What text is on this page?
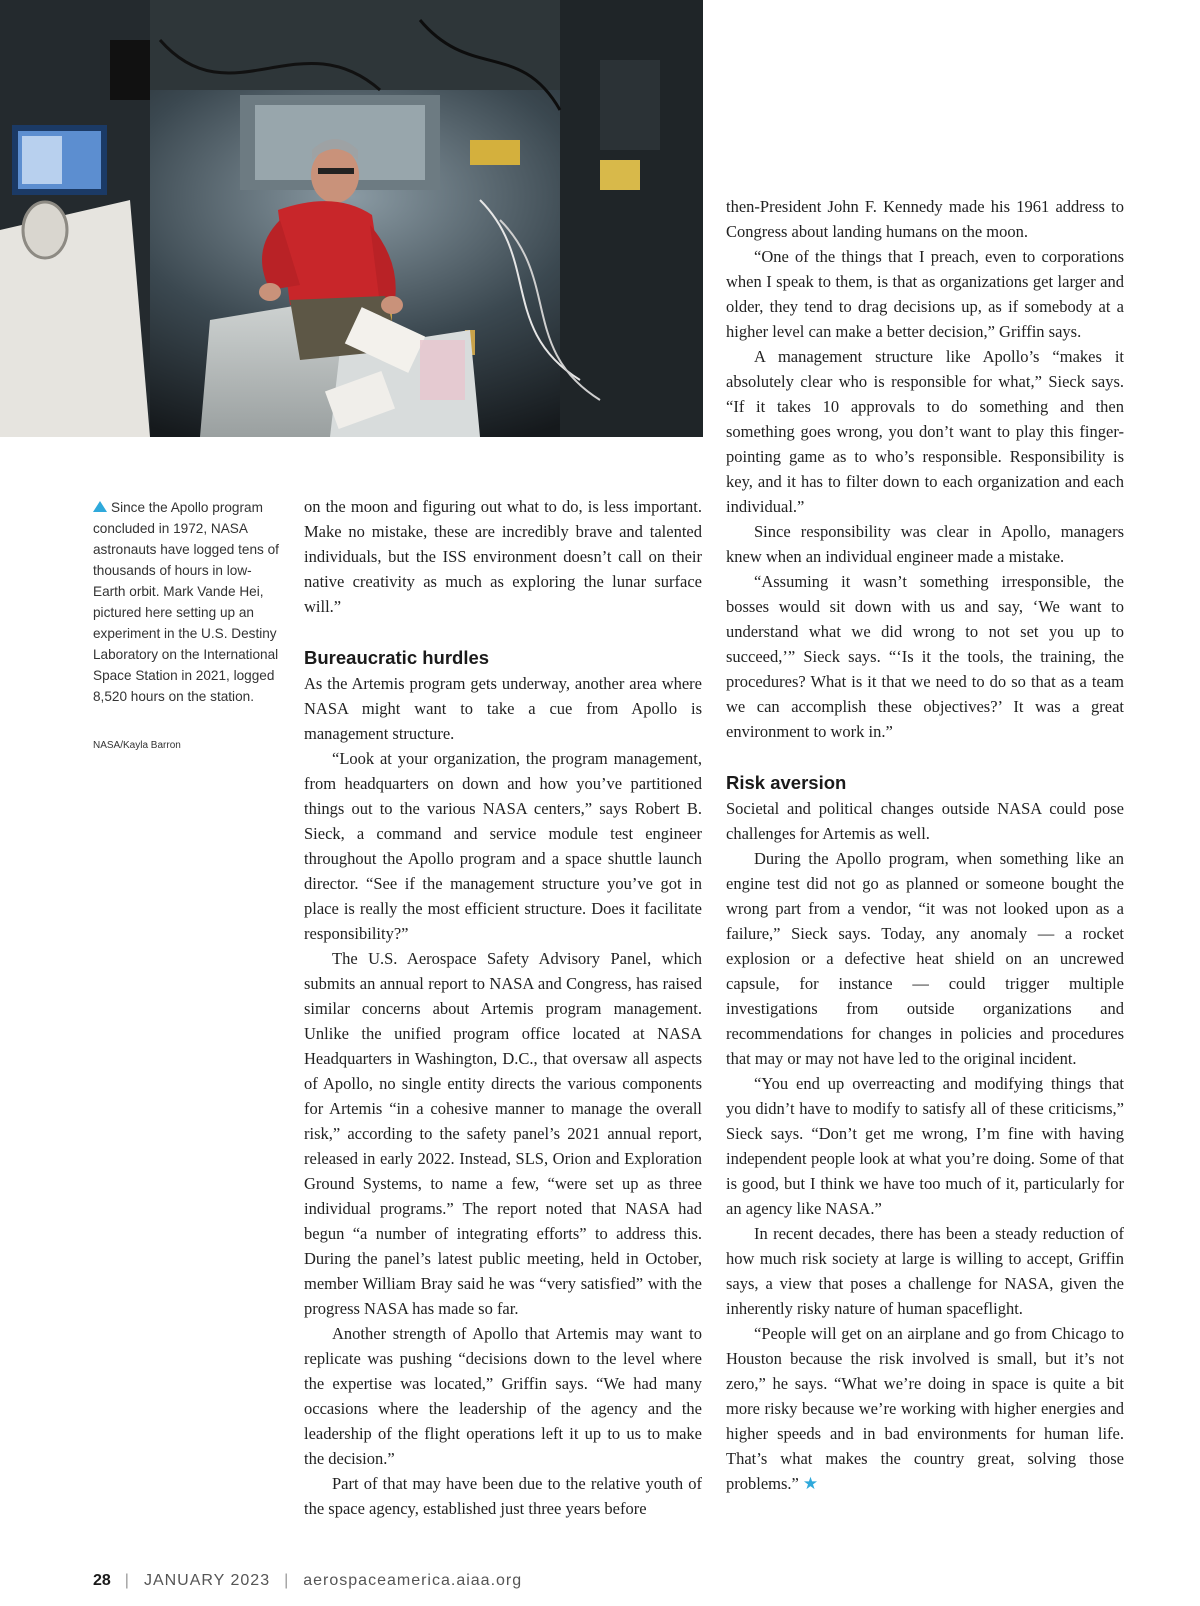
Since the Apollo program concluded in 1972, NASA astronauts have logged tens of thousands of hours in low-Earth orbit. Mark Vande Hei, pictured here setting up an experiment in the U.S. Destiny Laboratory on the International Space Station in 2021, logged 8,520 hours on the station.
NASA/Kayla Barron

on the moon and figuring out what to do, is less important. Make no mistake, these are incredibly brave and talented individuals, but the ISS environment doesn’t call on their native creativity as much as exploring the lunar surface will.”

Bureaucratic hurdles

As the Artemis program gets underway, another area where NASA might want to take a cue from Apollo is management structure.

“Look at your organization, the program management, from headquarters on down and how you’ve partitioned things out to the various NASA centers,” says Robert B. Sieck, a command and service module test engineer throughout the Apollo program and a space shuttle launch director. “See if the management structure you’ve got in place is really the most efficient structure. Does it facilitate responsibility?”

The U.S. Aerospace Safety Advisory Panel, which submits an annual report to NASA and Congress, has raised similar concerns about Artemis program management. Unlike the unified program office located at NASA Headquarters in Washington, D.C., that oversaw all aspects of Apollo, no single entity directs the various components for Artemis “in a cohesive manner to manage the overall risk,” according to the safety panel’s 2021 annual report, released in early 2022. Instead, SLS, Orion and Exploration Ground Systems, to name a few, “were set up as three individual programs.” The report noted that NASA had begun “a number of integrating efforts” to address this. During the panel’s latest public meeting, held in October, member William Bray said he was “very satisfied” with the progress NASA has made so far.

Another strength of Apollo that Artemis may want to replicate was pushing “decisions down to the level where the expertise was located,” Griffin says. “We had many occasions where the leadership of the agency and the leadership of the flight operations left it up to us to make the decision.”

Part of that may have been due to the relative youth of the space agency, established just three years before

then-President John F. Kennedy made his 1961 address to Congress about landing humans on the moon.

“One of the things that I preach, even to corporations when I speak to them, is that as organizations get larger and older, they tend to drag decisions up, as if somebody at a higher level can make a better decision,” Griffin says.

A management structure like Apollo’s “makes it absolutely clear who is responsible for what,” Sieck says. “If it takes 10 approvals to do something and then something goes wrong, you don’t want to play this finger-pointing game as to who’s responsible. Responsibility is key, and it has to filter down to each organization and each individual.”

Since responsibility was clear in Apollo, managers knew when an individual engineer made a mistake.

“Assuming it wasn’t something irresponsible, the bosses would sit down with us and say, ‘We want to understand what we did wrong to not set you up to succeed,’” Sieck says. “‘Is it the tools, the training, the procedures? What is it that we need to do so that as a team we can accomplish these objectives?’ It was a great environment to work in.”

Risk aversion

Societal and political changes outside NASA could pose challenges for Artemis as well.

During the Apollo program, when something like an engine test did not go as planned or someone bought the wrong part from a vendor, “it was not looked upon as a failure,” Sieck says. Today, any anomaly — a rocket explosion or a defective heat shield on an uncrewed capsule, for instance — could trigger multiple investigations from outside organizations and recommendations for changes in policies and procedures that may or may not have led to the original incident.

“You end up overreacting and modifying things that you didn’t have to modify to satisfy all of these criticisms,” Sieck says. “Don’t get me wrong, I’m fine with having independent people look at what you’re doing. Some of that is good, but I think we have too much of it, particularly for an agency like NASA.”

In recent decades, there has been a steady reduction of how much risk society at large is willing to accept, Griffin says, a view that poses a challenge for NASA, given the inherently risky nature of human spaceflight.

“People will get on an airplane and go from Chicago to Houston because the risk involved is small, but it’s not zero,” he says. “What we’re doing in space is quite a bit more risky because we’re working with higher energies and higher speeds and in bad environments for human life. That’s what makes the country great, solving those problems.” ★

28 | JANUARY 2023 | aerospaceamerica.aiaa.org
